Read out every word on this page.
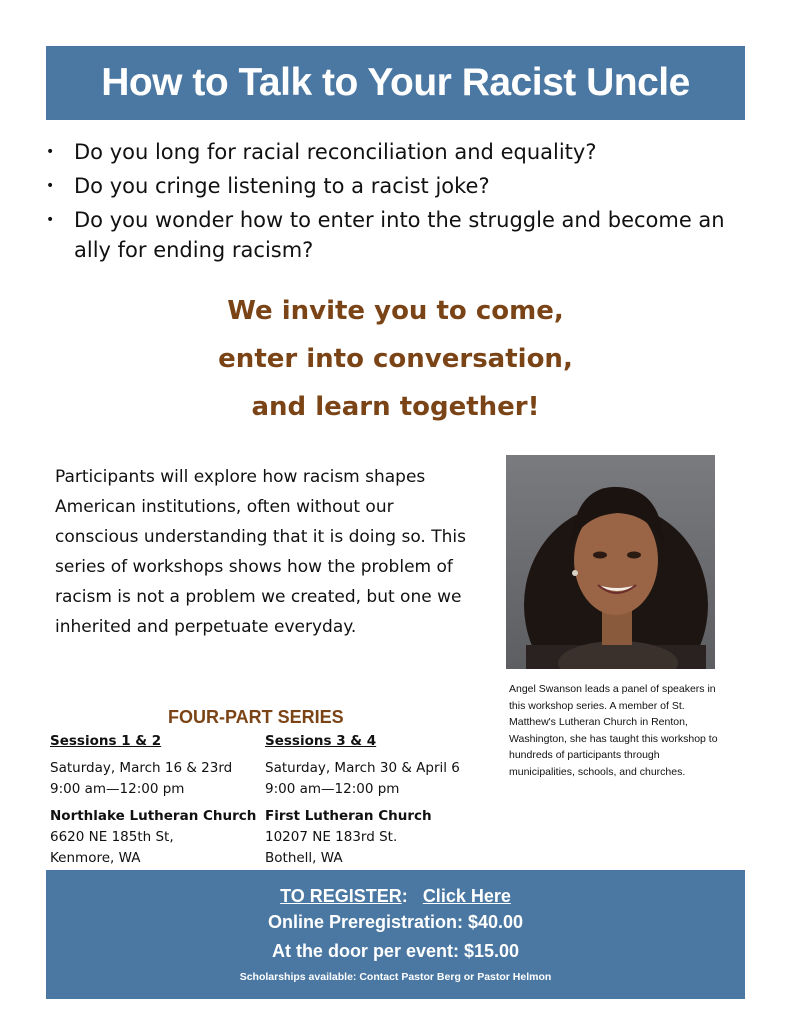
How to Talk to Your Racist Uncle
• Do you long for racial reconciliation and equality?
• Do you cringe listening to a racist joke?
• Do you wonder how to enter into the struggle and become an ally for ending racism?
We invite you to come,
enter into conversation,
and learn together!

Participants will explore how racism shapes American institutions, often without our conscious understanding that it is doing so. This series of workshops shows how the problem of racism is not a problem we created, but one we inherited and perpetuate everyday.

Angel Swanson leads a panel of speakers in this workshop series. A member of St. Matthew's Lutheran Church in Renton, Washington, she has taught this workshop to hundreds of participants through municipalities, schools, and churches.

FOUR-PART SERIES
Sessions 1 & 2
Saturday, March 16 & 23rd
9:00 am—12:00 pm
Northlake Lutheran Church
6620 NE 185th St,
Kenmore, WA
Sessions 3 & 4
Saturday, March 30 & April 6
9:00 am—12:00 pm
First Lutheran Church
10207 NE 183rd St.
Bothell, WA
TO REGISTER: Click Here
Online Preregistration: $40.00
At the door per event: $15.00
Scholarships available: Contact Pastor Berg or Pastor Helmon
